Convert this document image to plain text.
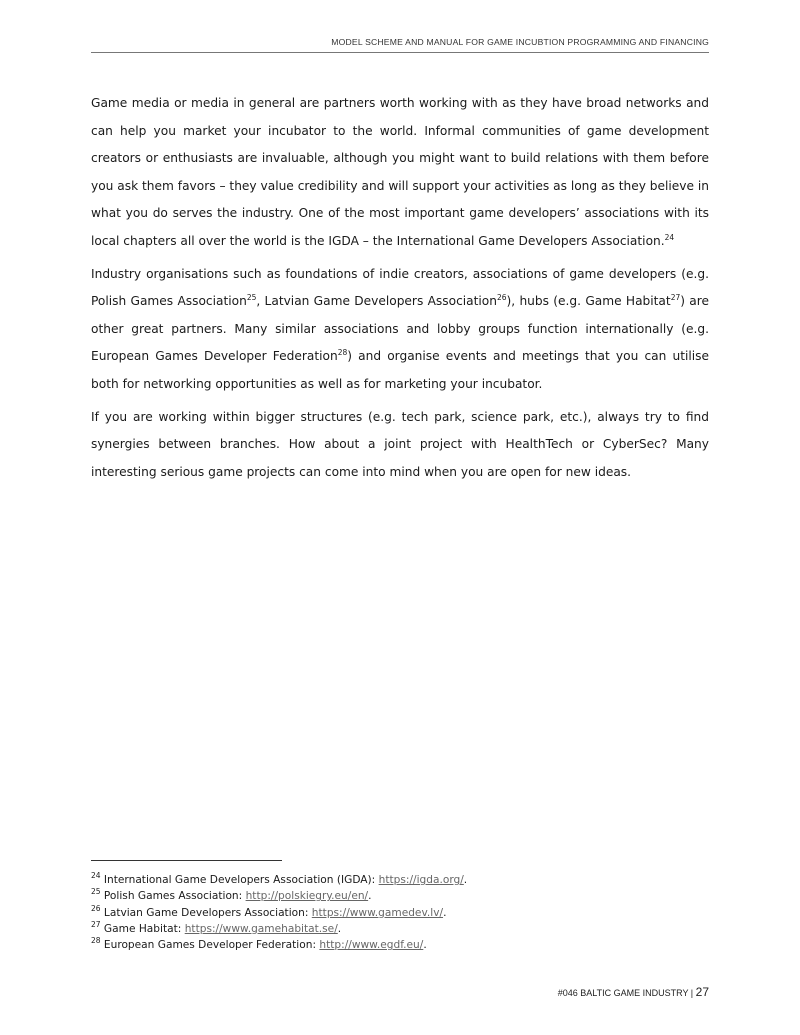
MODEL SCHEME AND MANUAL FOR GAME INCUBTION PROGRAMMING AND FINANCING

Game media or media in general are partners worth working with as they have broad networks and can help you market your incubator to the world. Informal communities of game development creators or enthusiasts are invaluable, although you might want to build relations with them before you ask them favors – they value credibility and will support your activities as long as they believe in what you do serves the industry. One of the most important game developers’ associations with its local chapters all over the world is the IGDA – the International Game Developers Association.$^{24}$

Industry organisations such as foundations of indie creators, associations of game developers (e.g. Polish Games Association$^{25}$, Latvian Game Developers Association$^{26}$), hubs (e.g. Game Habitat$^{27}$) are other great partners. Many similar associations and lobby groups function internationally (e.g. European Games Developer Federation$^{28}$) and organise events and meetings that you can utilise both for networking opportunities as well as for marketing your incubator.

If you are working within bigger structures (e.g. tech park, science park, etc.), always try to find synergies between branches. How about a joint project with HealthTech or CyberSec? Many interesting serious game projects can come into mind when you are open for new ideas.

$^{24}$ International Game Developers Association (IGDA): https://igda.org/.
$^{25}$ Polish Games Association: http://polskiegry.eu/en/.
$^{26}$ Latvian Game Developers Association: https://www.gamedev.lv/.
$^{27}$ Game Habitat: https://www.gamehabitat.se/.
$^{28}$ European Games Developer Federation: http://www.egdf.eu/.
#046 BALTIC GAME INDUSTRY | 27
